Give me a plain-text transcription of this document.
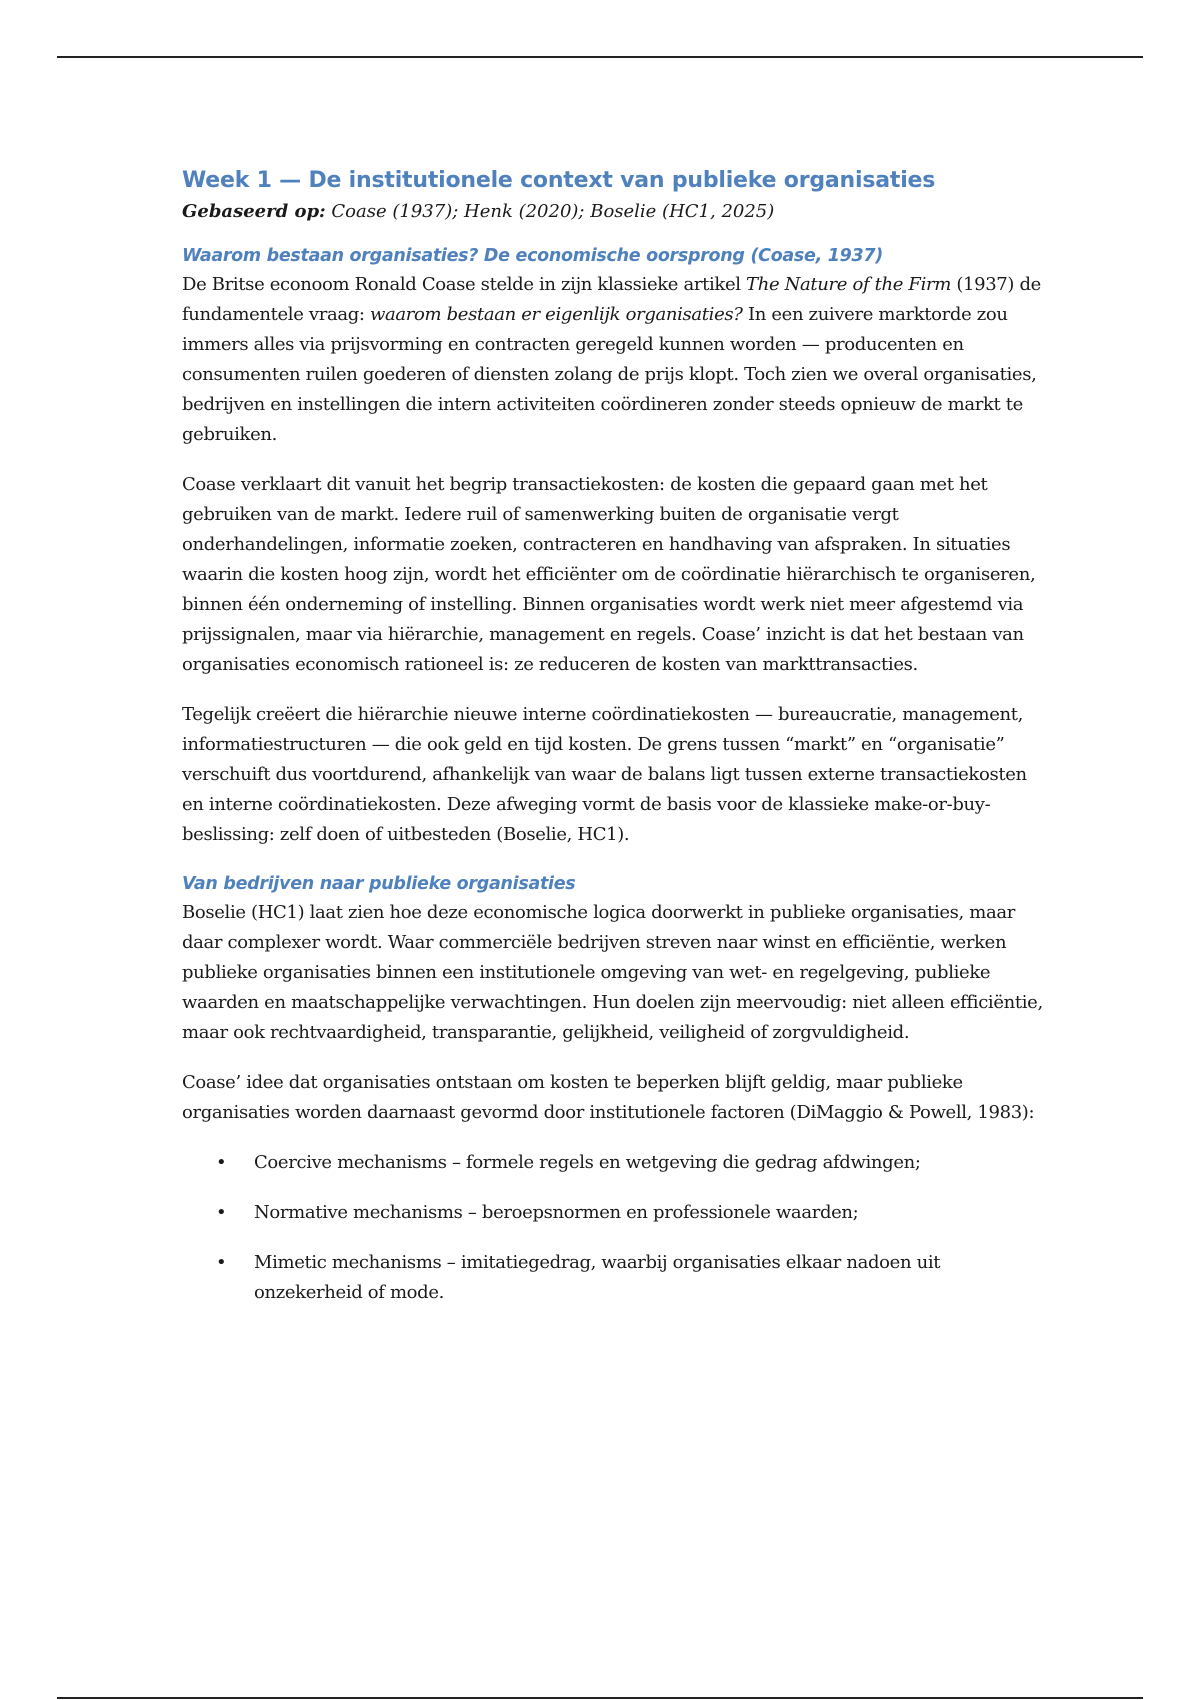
Week 1 — De institutionele context van publieke organisaties

Gebaseerd op: Coase (1937); Henk (2020); Boselie (HC1, 2025)

Waarom bestaan organisaties? De economische oorsprong (Coase, 1937)

De Britse econoom Ronald Coase stelde in zijn klassieke artikel The Nature of the Firm (1937) de fundamentele vraag: waarom bestaan er eigenlijk organisaties? In een zuivere marktorde zou immers alles via prijsvorming en contracten geregeld kunnen worden — producenten en consumenten ruilen goederen of diensten zolang de prijs klopt. Toch zien we overal organisaties, bedrijven en instellingen die intern activiteiten coördineren zonder steeds opnieuw de markt te gebruiken.

Coase verklaart dit vanuit het begrip transactiekosten: de kosten die gepaard gaan met het gebruiken van de markt. Iedere ruil of samenwerking buiten de organisatie vergt onderhandelingen, informatie zoeken, contracteren en handhaving van afspraken. In situaties waarin die kosten hoog zijn, wordt het efficiënter om de coördinatie hiërarchisch te organiseren, binnen één onderneming of instelling. Binnen organisaties wordt werk niet meer afgestemd via prijssignalen, maar via hiërarchie, management en regels. Coase’ inzicht is dat het bestaan van organisaties economisch rationeel is: ze reduceren de kosten van markttransacties.

Tegelijk creëert die hiërarchie nieuwe interne coördinatiekosten — bureaucratie, management, informatiestructuren — die ook geld en tijd kosten. De grens tussen “markt” en “organisatie” verschuift dus voortdurend, afhankelijk van waar de balans ligt tussen externe transactiekosten en interne coördinatiekosten. Deze afweging vormt de basis voor de klassieke make-or-buy-beslissing: zelf doen of uitbesteden (Boselie, HC1).

Van bedrijven naar publieke organisaties

Boselie (HC1) laat zien hoe deze economische logica doorwerkt in publieke organisaties, maar daar complexer wordt. Waar commerciële bedrijven streven naar winst en efficiëntie, werken publieke organisaties binnen een institutionele omgeving van wet- en regelgeving, publieke waarden en maatschappelijke verwachtingen. Hun doelen zijn meervoudig: niet alleen efficiëntie, maar ook rechtvaardigheid, transparantie, gelijkheid, veiligheid of zorgvuldigheid.

Coase’ idee dat organisaties ontstaan om kosten te beperken blijft geldig, maar publieke organisaties worden daarnaast gevormd door institutionele factoren (DiMaggio & Powell, 1983):

• Coercive mechanisms – formele regels en wetgeving die gedrag afdwingen;
• Normative mechanisms – beroepsnormen en professionele waarden;
• Mimetic mechanisms – imitatiegedrag, waarbij organisaties elkaar nadoen uit onzekerheid of mode.
